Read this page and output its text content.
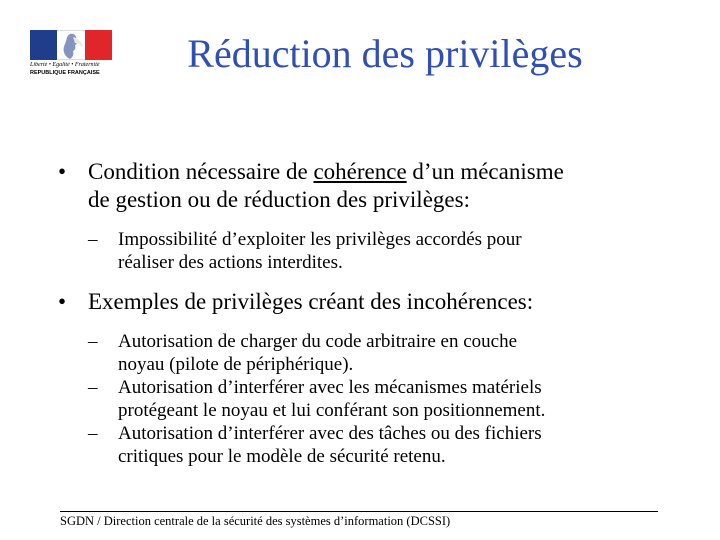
Liberté • Égalité • Fraternité
RÉPUBLIQUE FRANÇAISE	Réduction des privilèges
• Condition nécessaire de cohérence d’un mécanisme
de gestion ou de réduction des privilèges:
– Impossibilité d’exploiter les privilèges accordés pour
réaliser des actions interdites.
• Exemples de privilèges créant des incohérences:
– Autorisation de charger du code arbitraire en couche
noyau (pilote de périphérique).
– Autorisation d’interférer avec les mécanismes matériels
protégeant le noyau et lui conférant son positionnement.
– Autorisation d’interférer avec des tâches ou des fichiers
critiques pour le modèle de sécurité retenu.
SGDN / Direction centrale de la sécurité des systèmes d’information (DCSSI)
